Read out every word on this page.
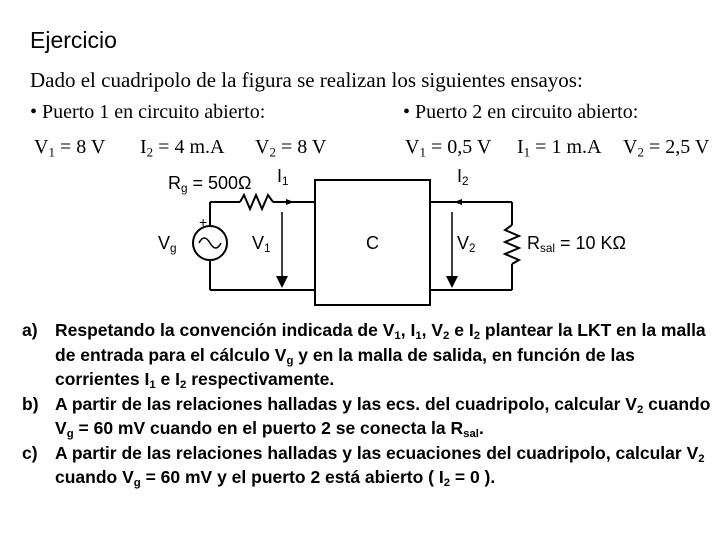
Ejercicio
Dado el cuadripolo de la figura se realizan los siguientes ensayos:
• Puerto 1 en circuito abierto:
$V_1 = 8$ V $I_2 = 4$ m.A $V_2 = 8$ V
• Puerto 2 en circuito abierto:
$V_1 = 0,5$ V $I_1 = 1$ m.A $V_2 = 2,5$ V
$R_g = 500\Omega$ $I_1$	$I_2$
$V_g$
+
$V_1$	C	$V_2$	$R_{sal} = 10$ KΩ
a) Respetando la convención indicada de $V_1$, $I_1$, $V_2$ e $I_2$ plantear la LKT en la malla de entrada para el cálculo $V_g$ y en la malla de salida, en función de las corrientes $I_1$ e $I_2$ respectivamente.
b) A partir de las relaciones halladas y las ecs. del cuadripolo, calcular $V_2$ cuando $V_g = 60$ mV cuando en el puerto 2 se conecta la $R_{sal}$.
c) A partir de las relaciones halladas y las ecuaciones del cuadripolo, calcular $V_2$ cuando $V_g = 60$ mV y el puerto 2 está abierto ( $I_2 = 0$ ).
